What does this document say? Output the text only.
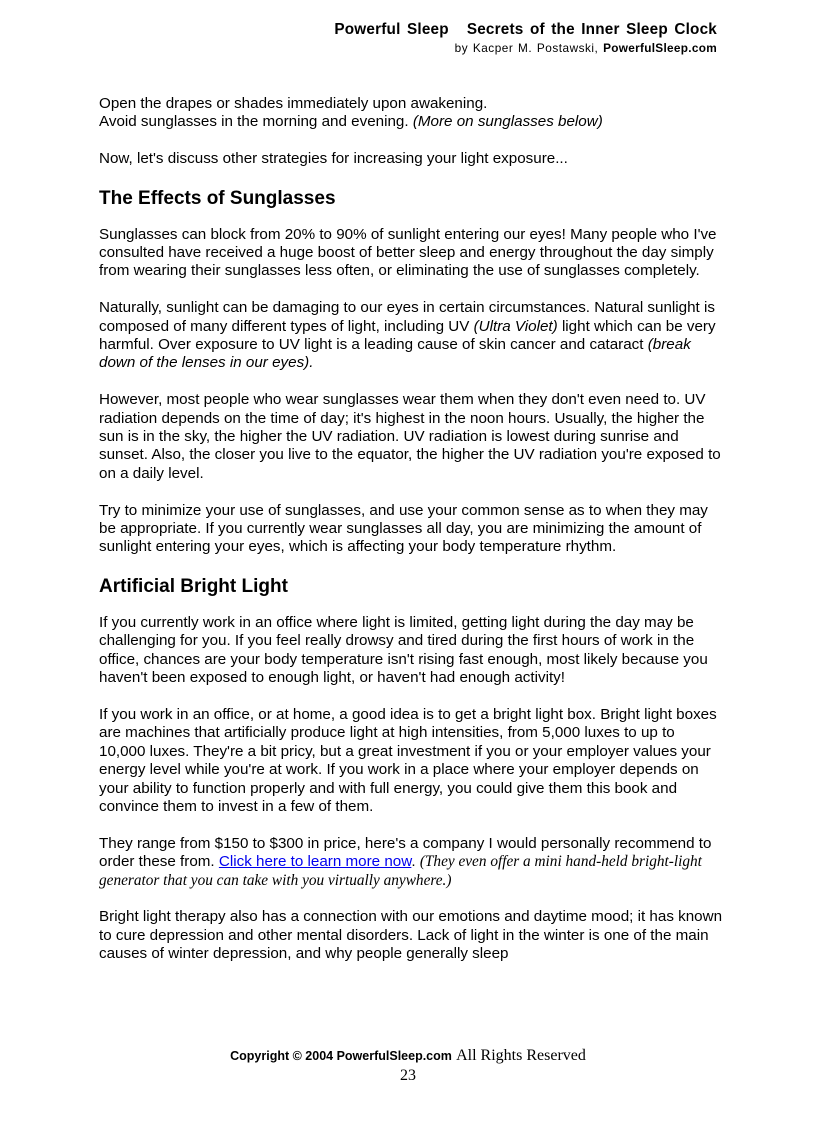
Powerful Sleep Secrets of the Inner Sleep Clock
by Kacper M. Postawski, PowerfulSleep.com

Open the drapes or shades immediately upon awakening.

Avoid sunglasses in the morning and evening. (More on sunglasses below)

Now, let's discuss other strategies for increasing your light exposure...

The Effects of Sunglasses

Sunglasses can block from 20% to 90% of sunlight entering our eyes! Many people who I've consulted have received a huge boost of better sleep and energy throughout the day simply from wearing their sunglasses less often, or eliminating the use of sunglasses completely.

Naturally, sunlight can be damaging to our eyes in certain circumstances. Natural sunlight is composed of many different types of light, including UV (Ultra Violet) light which can be very harmful. Over exposure to UV light is a leading cause of skin cancer and cataract (break down of the lenses in our eyes).

However, most people who wear sunglasses wear them when they don't even need to. UV radiation depends on the time of day; it's highest in the noon hours. Usually, the higher the sun is in the sky, the higher the UV radiation. UV radiation is lowest during sunrise and sunset. Also, the closer you live to the equator, the higher the UV radiation you're exposed to on a daily level.

Try to minimize your use of sunglasses, and use your common sense as to when they may be appropriate. If you currently wear sunglasses all day, you are minimizing the amount of sunlight entering your eyes, which is affecting your body temperature rhythm.

Artificial Bright Light

If you currently work in an office where light is limited, getting light during the day may be challenging for you. If you feel really drowsy and tired during the first hours of work in the office, chances are your body temperature isn't rising fast enough, most likely because you haven't been exposed to enough light, or haven't had enough activity!

If you work in an office, or at home, a good idea is to get a bright light box. Bright light boxes are machines that artificially produce light at high intensities, from 5,000 luxes to up to 10,000 luxes. They're a bit pricy, but a great investment if you or your employer values your energy level while you're at work. If you work in a place where your employer depends on your ability to function properly and with full energy, you could give them this book and convince them to invest in a few of them.

They range from $150 to $300 in price, here's a company I would personally recommend to order these from. Click here to learn more now. (They even offer a mini hand-held bright-light generator that you can take with you virtually anywhere.)

Bright light therapy also has a connection with our emotions and daytime mood; it has known to cure depression and other mental disorders. Lack of light in the winter is one of the main causes of winter depression, and why people generally sleep

Copyright © 2004 PowerfulSleep.com All Rights Reserved
23
